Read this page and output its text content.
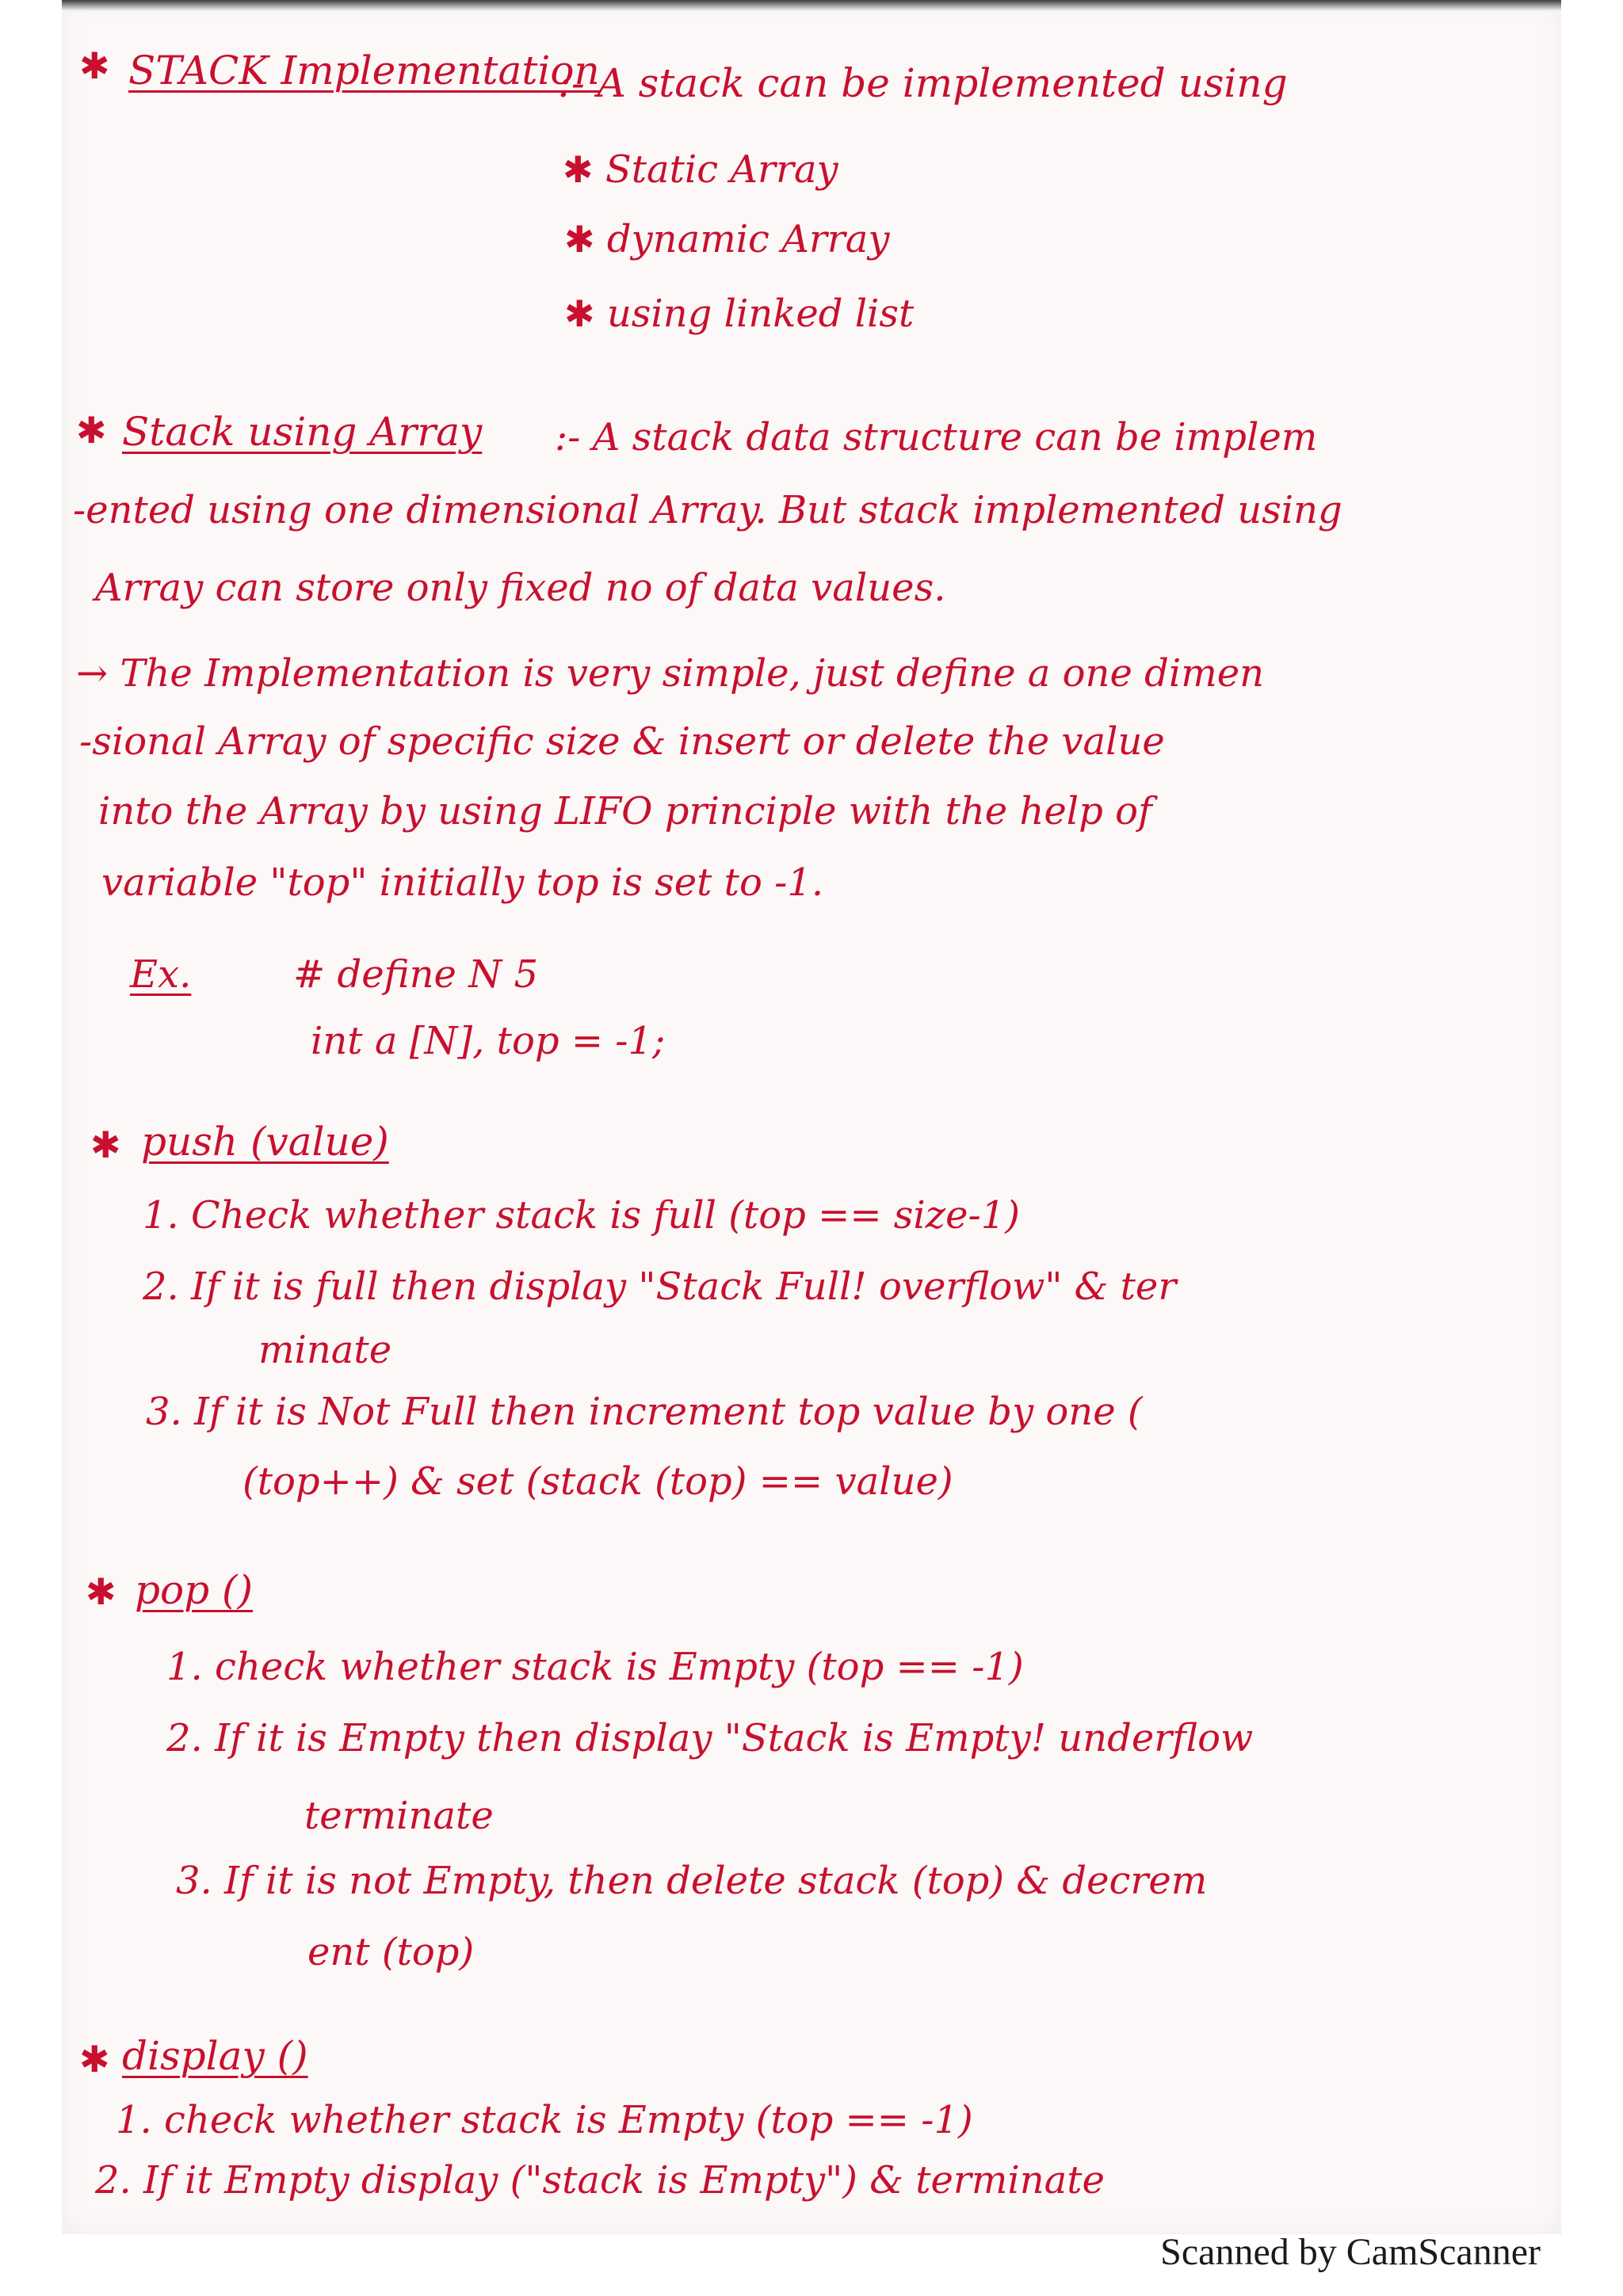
✱ STACK Implementation
:- A stack can be implemented using
✱ Static Array
✱ dynamic Array
✱ using linked list
✱ Stack using Array :- A stack data structure can be implem
-ented using one dimensional Array. But stack implemented using
Array can store only fixed no of data values.
→ The Implementation is very simple, just define a one dimen
-sional Array of specific size & insert or delete the value
into the Array by using LIFO principle with the help of
variable "top" initially top is set to -1.
Ex.	# define N 5
int a [N], top = -1;
✱ push (value)
1. Check whether stack is full (top == size-1)
2. If it is full then display "Stack Full! overflow" & ter
minate
3. If it is Not Full then increment top value by one (
(top++) & set (stack (top) == value)
✱ pop ()
1. check whether stack is Empty (top == -1)
2. If it is Empty then display "Stack is Empty! underflow
terminate
3. If it is not Empty, then delete stack (top) & decrem
ent (top)
✱ display ()
1. check whether stack is Empty (top == -1)
2. If it Empty display ("stack is Empty") & terminate
Scanned by CamScanner
